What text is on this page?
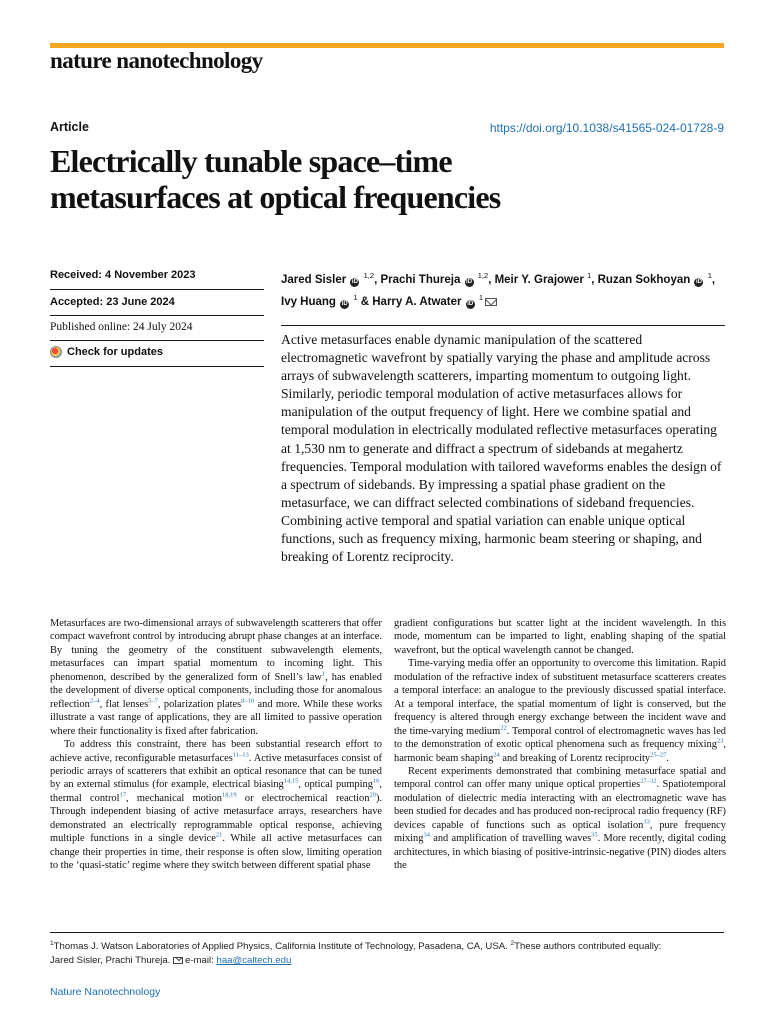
nature nanotechnology
Article	https://doi.org/10.1038/s41565-024-01728-9
Electrically tunable space–time
metasurfaces at optical frequencies
Received: 4 November 2023
Accepted: 23 June 2024
Published online: 24 July 2024
Check for updates
Jared Sisler iD $^{1,2}$, Prachi Thureja iD $^{1,2}$, Meir Y. Grajower $^1$, Ruzan Sokhoyan iD $^1$,
Ivy Huang iD $^1$ & Harry A. Atwater iD $^1$
Active metasurfaces enable dynamic manipulation of the scattered electromagnetic wavefront by spatially varying the phase and amplitude across arrays of subwavelength scatterers, imparting momentum to outgoing light. Similarly, periodic temporal modulation of active metasurfaces allows for manipulation of the output frequency of light. Here we combine spatial and temporal modulation in electrically modulated reflective metasurfaces operating at 1,530 nm to generate and diffract a spectrum of sidebands at megahertz frequencies. Temporal modulation with tailored waveforms enables the design of a spectrum of sidebands. By impressing a spatial phase gradient on the metasurface, we can diffract selected combinations of sideband frequencies. Combining active temporal and spatial variation can enable unique optical functions, such as frequency mixing, harmonic beam steering or shaping, and breaking of Lorentz reciprocity.

Metasurfaces are two-dimensional arrays of subwavelength scatterers that offer compact wavefront control by introducing abrupt phase changes at an interface. By tuning the geometry of the constituent subwavelength elements, metasurfaces can impart spatial momentum to incoming light. This phenomenon, described by the generalized form of Snell’s law$^1$, has enabled the development of diverse optical components, including those for anomalous reflection$^{2-4}$, flat lenses$^{5-7}$, polarization plates$^{8-10}$ and more. While these works illustrate a vast range of applications, they are all limited to passive operation where their functionality is fixed after fabrication.

To address this constraint, there has been substantial research effort to achieve active, reconfigurable metasurfaces$^{11-13}$. Active metasurfaces consist of periodic arrays of scatterers that exhibit an optical resonance that can be tuned by an external stimulus (for example, electrical biasing$^{14,15}$, optical pumping$^{16}$, thermal control$^{17}$, mechanical motion$^{18,19}$ or electrochemical reaction$^{20}$). Through independent biasing of active metasurface arrays, researchers have demonstrated an electrically reprogrammable optical response, achieving multiple functions in a single device$^{21}$. While all active metasurfaces can change their properties in time, their response is often slow, limiting operation to the ‘quasi-static’ regime where they switch between different spatial phase

gradient configurations but scatter light at the incident wavelength. In this mode, momentum can be imparted to light, enabling shaping of the spatial wavefront, but the optical wavelength cannot be changed.

Time-varying media offer an opportunity to overcome this limitation. Rapid modulation of the refractive index of substituent metasurface scatterers creates a temporal interface: an analogue to the previously discussed spatial interface. At a temporal interface, the spatial momentum of light is conserved, but the frequency is altered through energy exchange between the incident wave and the time-varying medium$^{22}$. Temporal control of electromagnetic waves has led to the demonstration of exotic optical phenomena such as frequency mixing$^{23}$, harmonic beam shaping$^{24}$ and breaking of Lorentz reciprocity$^{25-27}$.

Recent experiments demonstrated that combining metasurface spatial and temporal control can offer many unique optical properties$^{27-32}$. Spatiotemporal modulation of dielectric media interacting with an electromagnetic wave has been studied for decades and has produced non-reciprocal radio frequency (RF) devices capable of functions such as optical isolation$^{33}$, pure frequency mixing$^{34}$ and amplification of travelling waves$^{35}$. More recently, digital coding architectures, in which biasing of positive-intrinsic-negative (PIN) diodes alters the

$^1$Thomas J. Watson Laboratories of Applied Physics, California Institute of Technology, Pasadena, CA, USA. $^2$These authors contributed equally:
Jared Sisler, Prachi Thureja. e-mail: haa@caltech.edu
Nature Nanotechnology
